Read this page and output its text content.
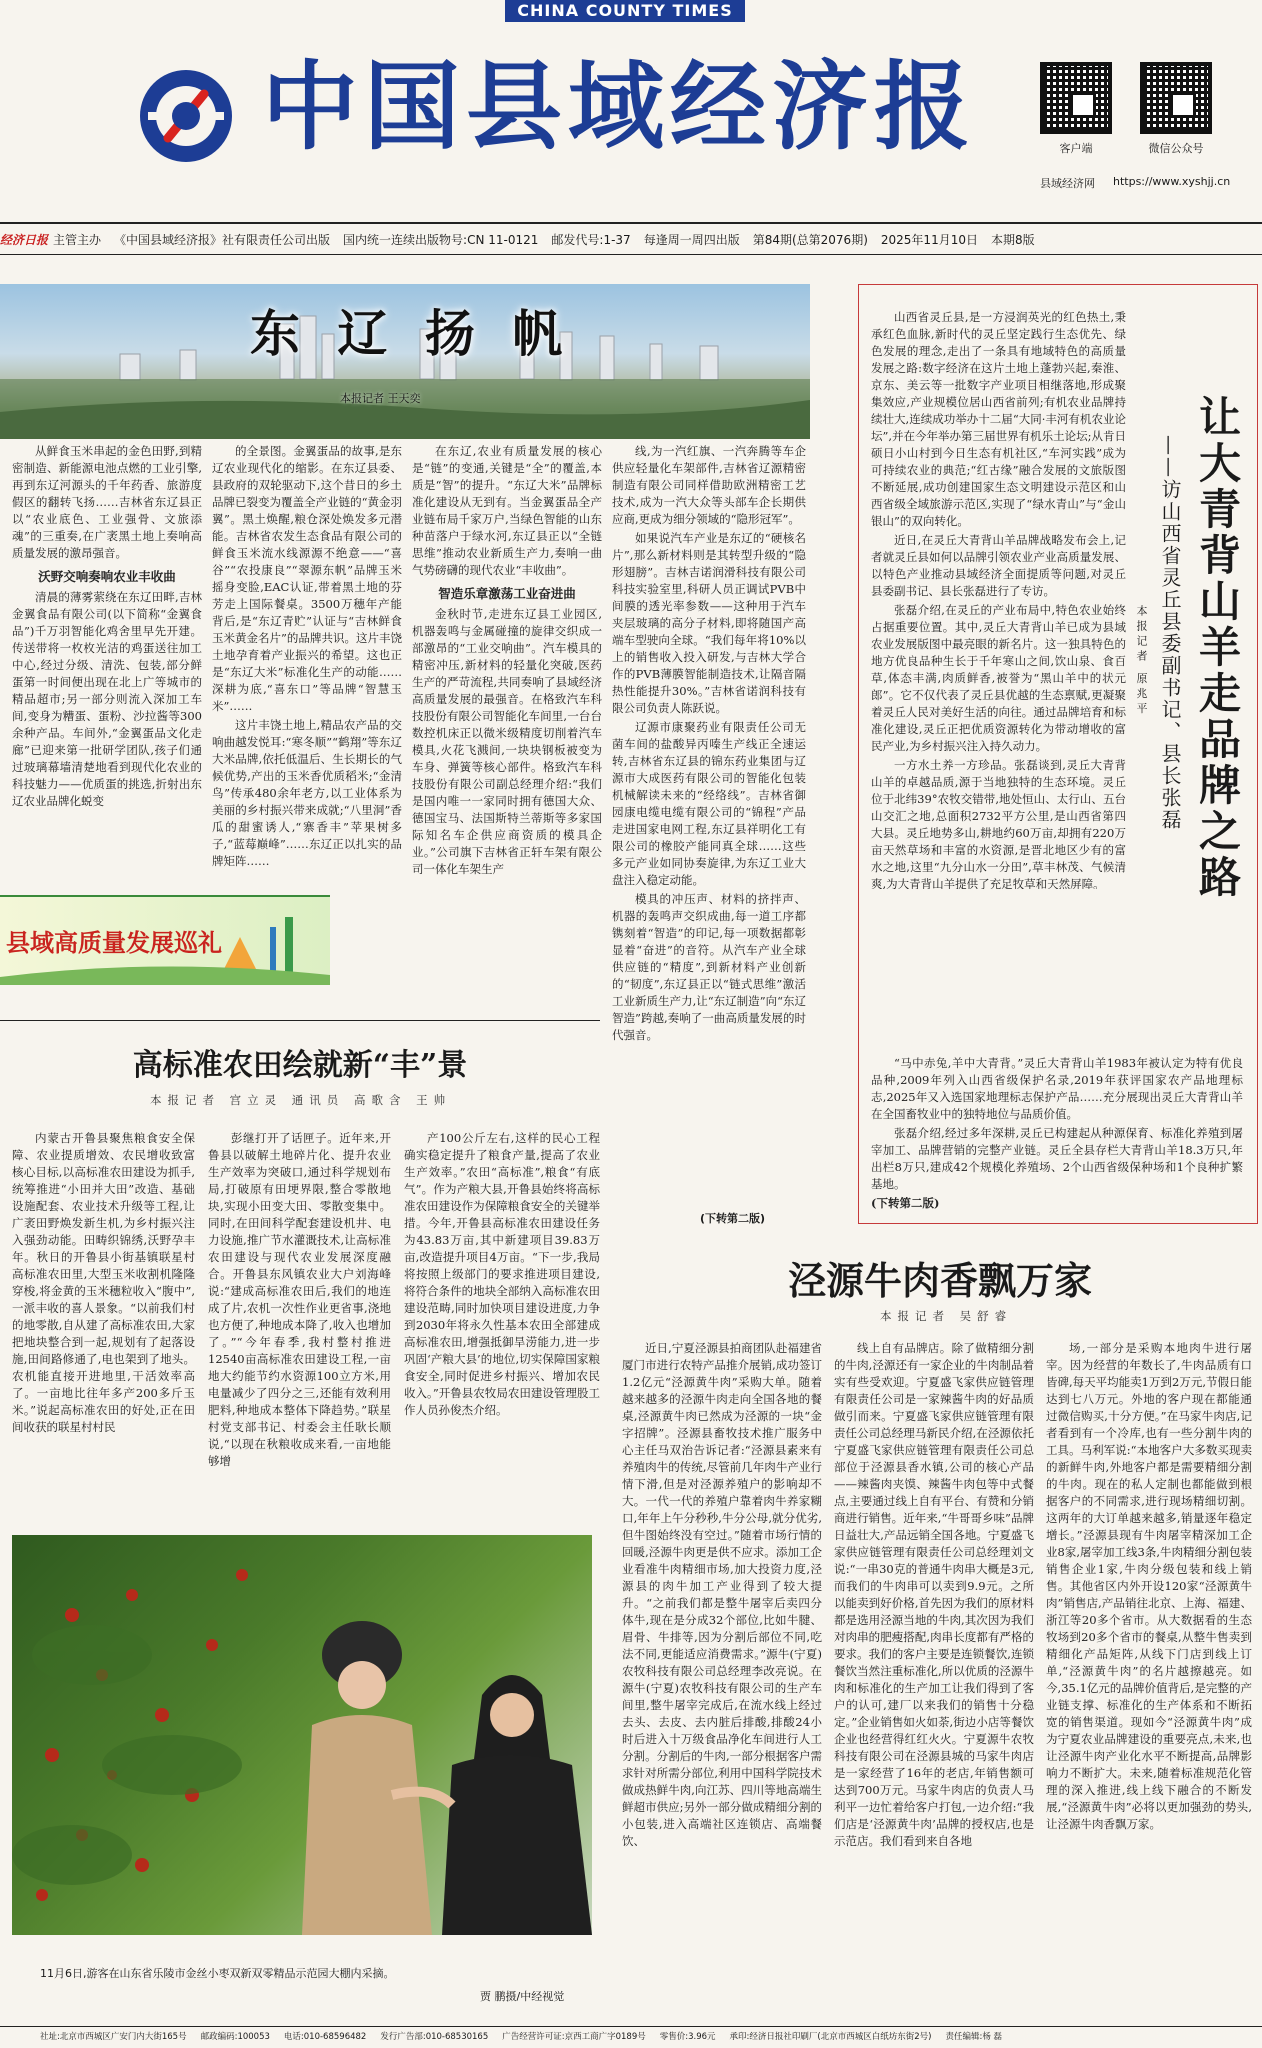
CHINA COUNTY TIMES
中国县域经济报	客户端	微信公众号
县域经济网 https://www.xyshjj.cn
经济日报 主管主办 《中国县域经济报》社有限责任公司出版 国内统一连续出版物号:CN 11-0121 邮发代号:1-37 每逢周一周四出版 第84期(总第2076期) 2025年11月10日 本期8版
东 辽 扬 帆
本报记者 王天奕

从鲜食玉米串起的金色田野,到精密制造、新能源电池点燃的工业引擎,再到东辽河源头的千年药香、旅游度假区的翻转飞扬……吉林省东辽县正以“农业底色、工业强骨、文旅添魂”的三重奏,在广袤黑土地上奏响高质量发展的激昂强音。

沃野交响奏响农业丰收曲

清晨的薄雾萦绕在东辽田畔,吉林金翼食品有限公司(以下简称“金翼食品”)千万羽智能化鸡舍里早先开建。传送带将一枚枚光洁的鸡蛋送往加工中心,经过分级、清洗、包装,部分鲜蛋第一时间便出现在北上广等城市的精品超市;另一部分则流入深加工车间,变身为糟蛋、蛋粉、沙拉酱等300余种产品。车间外,“金翼蛋品文化走廊”已迎来第一批研学团队,孩子们通过玻璃幕墙清楚地看到现代化农业的科技魅力——优质蛋的挑选,折射出东辽农业品牌化蜕变

县域高质量发展巡礼

的全景图。金翼蛋品的故事,是东辽农业现代化的缩影。在东辽县委、县政府的双轮驱动下,这个昔日的乡土品牌已裂变为覆盖全产业链的“黄金羽翼”。黑土焕醒,粮仓深处焕发多元潜能。吉林省农发生态食品有限公司的鲜食玉米流水线源源不绝意——“喜谷”“农投康良”“翠源东帆”品牌玉米摇身变脸,EAC认证,带着黑土地的芬芳走上国际餐桌。3500万穗年产能背后,是“东辽青贮”认证与“吉林鲜食玉米黄金名片”的品牌共识。这片丰饶土地孕育着产业振兴的希望。这也正是“东辽大米”标准化生产的动能……深耕为底,“喜东口”等品牌“智慧玉米”……

这片丰饶土地上,精品农产品的交响曲越发悦耳:“寒冬顺”“鹤翔”等东辽大米品牌,依托低温后、生长期长的气候优势,产出的玉米香优质稻米;“金清鸟”传承480余年老方,以工业体系为美丽的乡村振兴带来成就;“八里洞”香瓜的甜蜜诱人,“寨香丰”苹果树多子,“蓝莓巅峰”……东辽正以扎实的品牌矩阵……

在东辽,农业有质量发展的核心是“链”的变通,关键是“全”的覆盖,本质是“智”的提升。“东辽大米”品牌标准化建设从无到有。当金翼蛋品全产业链布局千家万户,当绿色智能的山东种苗落户于绿水河,东辽县正以“全链思维”推动农业新质生产力,奏响一曲气势磅礴的现代农业“丰收曲”。

智造乐章激荡工业奋进曲

金秋时节,走进东辽县工业园区,机器轰鸣与金属碰撞的旋律交织成一部激昂的“工业交响曲”。汽车模具的精密冲压,新材料的轻量化突破,医药生产的严苛流程,共同奏响了县域经济高质量发展的最强音。在格致汽车科技股份有限公司智能化车间里,一台台数控机床正以微米级精度切削着汽车模具,火花飞溅间,一块块钢板被变为车身、弹簧等核心部件。格致汽车科技股份有限公司副总经理介绍:“我们是国内唯一一家同时拥有德国大众、德国宝马、法国斯特兰蒂斯等多家国际知名车企供应商资质的模具企业。”公司旗下吉林省正轩车架有限公司一体化车架生产

线,为一汽红旗、一汽奔腾等车企供应轻量化车架部件,吉林省辽源精密制造有限公司同样借助欧洲精密工艺技术,成为一汽大众等头部车企长期供应商,更成为细分领域的“隐形冠军”。

如果说汽车产业是东辽的“硬核名片”,那么新材料则是其转型升级的“隐形翅膀”。吉林吉诺润滑科技有限公司科技实验室里,科研人员正调试PVB中间膜的透光率参数——这种用于汽车夹层玻璃的高分子材料,即将随国产高端车型驶向全球。“我们每年将10%以上的销售收入投入研发,与吉林大学合作的PVB薄膜智能制造技术,让隔音隔热性能提升30%。”吉林省诺润科技有限公司负责人陈跃说。

辽源市康聚药业有限责任公司无菌车间的盐酸异丙嗪生产线正全速运转,吉林省东辽县的锦东药业集团与辽源市大成医药有限公司的智能化包装机械解读未来的“经络线”。吉林省御园康电缆电缆有限公司的“锦程”产品走进国家电网工程,东辽县祥明化工有限公司的橡胶产能同真全球……这些多元产业如同协奏旋律,为东辽工业大盘注入稳定动能。

模具的冲压声、材料的挤拌声、机器的轰鸣声交织成曲,每一道工序都镌刻着“智造”的印记,每一项数据都彰显着“奋进”的音符。从汽车产业全球供应链的“精度”,到新材料产业创新的“韧度”,东辽县正以“链式思维”激活工业新质生产力,让“东辽制造”向“东辽智造”跨越,奏响了一曲高质量发展的时代强音。

(下转第二版)

山西省灵丘县,是一方浸润英光的红色热土,秉承红色血脉,新时代的灵丘坚定践行生态优先、绿色发展的理念,走出了一条具有地域特色的高质量发展之路:数字经济在这片土地上蓬勃兴起,秦淮、京东、美云等一批数字产业项目相继落地,形成聚集效应,产业规模位居山西省前列;有机农业品牌持续壮大,连续成功举办十二届“大同·丰河有机农业论坛”,并在今年举办第三届世界有机乐土论坛;从肯日硕日小山村到今日生态有机社区,“车河实践”成为可持续农业的典范;“红古缘”融合发展的文旅版图不断延展,成功创建国家生态文明建设示范区和山西省级全域旅游示范区,实现了“绿水青山”与“金山银山”的双向转化。

近日,在灵丘大青背山羊品牌战略发布会上,记者就灵丘县如何以品牌引领农业产业高质量发展、以特色产业推动县域经济全面提质等问题,对灵丘县委副书记、县长张磊进行了专访。

张磊介绍,在灵丘的产业布局中,特色农业始终占据重要位置。其中,灵丘大青背山羊已成为县域农业发展版图中最亮眼的新名片。这一独具特色的地方优良品种生长于千年寒山之间,饮山泉、食百草,体态丰满,肉质鲜香,被誉为“黑山羊中的状元郎”。它不仅代表了灵丘县优越的生态禀赋,更凝聚着灵丘人民对美好生活的向往。通过品牌培育和标准化建设,灵丘正把优质资源转化为带动增收的富民产业,为乡村振兴注入持久动力。

一方水土养一方珍品。张磊谈到,灵丘大青背山羊的卓越品质,源于当地独特的生态环境。灵丘位于北纬39°农牧交错带,地处恒山、太行山、五台山交汇之地,总面积2732平方公里,是山西省第四大县。灵丘地势多山,耕地约60万亩,却拥有220万亩天然草场和丰富的水资源,是晋北地区少有的富水之地,这里“九分山水一分田”,草丰林茂、气候清爽,为大青背山羊提供了充足牧草和天然屏障。	让大青背山羊走品牌之路
——访山西省灵丘县委副书记、县长张磊
本报记者 原兆平

“马中赤兔,羊中大青背。”灵丘大青背山羊1983年被认定为特有优良品种,2009年列入山西省级保护名录,2019年获评国家农产品地理标志,2025年又入选国家地理标志保护产品……充分展现出灵丘大青背山羊在全国畜牧业中的独特地位与品质价值。

张磊介绍,经过多年深耕,灵丘已构建起从种源保育、标准化养殖到屠宰加工、品牌营销的完整产业链。灵丘全县存栏大青背山羊18.3万只,年出栏8万只,建成42个规模化养殖场、2个山西省级保种场和1个良种扩繁基地。

(下转第二版)
高标准农田绘就新“丰”景
本报记者 宫立灵 通讯员 高歌含 王帅

内蒙古开鲁县聚焦粮食安全保障、农业提质增效、农民增收致富核心目标,以高标准农田建设为抓手,统筹推进“小田并大田”改造、基础设施配套、农业技术升级等工程,让广袤田野焕发新生机,为乡村振兴注入强劲动能。田畴织锦绣,沃野孕丰年。秋日的开鲁县小街基镇联星村高标准农田里,大型玉米收割机隆隆穿梭,将金黄的玉米穗粒收入“腹中”,一派丰收的喜人景象。“以前我们村的地零散,自从建了高标准农田,大家把地块整合到一起,规划有了起落设施,田间路修通了,电也架到了地头。农机能直接开进地里,干活效率高了。一亩地比往年多产200多斤玉米。”说起高标准农田的好处,正在田间收获的联星村村民

彭继打开了话匣子。近年来,开鲁县以破解土地碎片化、提升农业生产效率为突破口,通过科学规划布局,打破原有田埂界限,整合零散地块,实现小田变大田、零散变集中。同时,在田间科学配套建设机井、电力设施,推广节水灌溉技术,让高标准农田建设与现代农业发展深度融合。开鲁县东风镇农业大户刘海峰说:“建成高标准农田后,我们的地连成了片,农机一次性作业更省事,浇地也方便了,种地成本降了,收入也增加了。”“今年春季,我村整村推进12540亩高标准农田建设工程,一亩地大约能节约水资源100立方米,用电量减少了四分之三,还能有效利用肥料,种地成本整体下降趋势。”联星村党支部书记、村委会主任耿长顺说,“以现在秋粮收成来看,一亩地能够增

产100公斤左右,这样的民心工程确实稳定提升了粮食产量,提高了农业生产效率。”农田“高标准”,粮食“有底气”。作为产粮大县,开鲁县始终将高标准农田建设作为保障粮食安全的关键举措。今年,开鲁县高标准农田建设任务为43.83万亩,其中新建项目39.83万亩,改造提升项目4万亩。“下一步,我局将按照上级部门的要求推进项目建设,将符合条件的地块全部纳入高标准农田建设范畴,同时加快项目建设进度,力争到2030年将永久性基本农田全部建成高标准农田,增强抵御旱涝能力,进一步巩固‘产粮大县’的地位,切实保障国家粮食安全,同时促进乡村振兴、增加农民收入。”开鲁县农牧局农田建设管理股工作人员孙俊杰介绍。

11月6日,游客在山东省乐陵市金丝小枣双新双零精品示范园大棚内采摘。
贾 鹏摄/中经视觉
泾源牛肉香飘万家
本报记者 吴舒睿

近日,宁夏泾源县拍商团队赴福建省厦门市进行农特产品推介展销,成功签订1.2亿元“泾源黄牛肉”采购大单。随着越来越多的泾源牛肉走向全国各地的餐桌,泾源黄牛肉已然成为泾源的一块“金字招牌”。泾源县畜牧技术推广服务中心主任马双治告诉记者:“泾源县素来有养殖肉牛的传统,尽管前几年肉牛产业行情下滑,但是对泾源养殖户的影响却不大。一代一代的养殖户靠着肉牛养家糊口,年年上午分秒秒,牛分公母,就分优劣,但牛图始终没有空过。”随着市场行情的回暖,泾源牛肉更是供不应求。添加工企业看准牛肉精细市场,加大投资力度,泾源县的肉牛加工产业得到了较大提升。“之前我们都是整牛屠宰后卖四分体牛,现在是分成32个部位,比如牛腱、眉骨、牛排等,因为分割后部位不同,吃法不同,更能适应消费需求。”源牛(宁夏)农牧科技有限公司总经理李改亮说。在源牛(宁夏)农牧科技有限公司的生产车间里,整牛屠宰完成后,在流水线上经过去头、去皮、去内脏后排酸,排酸24小时后进入十万级食品净化车间进行人工分割。分割后的牛肉,一部分根据客户需求针对所需分部位,利用中国科学院技术做成热鲜牛肉,向江苏、四川等地高端生鲜超市供应;另外一部分做成精细分割的小包装,进入高端社区连锁店、高端餐饮、

线上自有品牌店。除了做精细分割的牛肉,泾源还有一家企业的牛肉制品着实有些受欢迎。宁夏盛飞家供应链管理有限责任公司是一家辣酱牛肉的好品质做引而来。宁夏盛飞家供应链管理有限责任公司总经理马新民介绍,在泾源依托宁夏盛飞家供应链管理有限责任公司总部位于泾源县香水镇,公司的核心产品——辣酱肉夹馍、辣酱牛肉包等中式餐点,主要通过线上自有平台、有赞和分销商进行销售。近年来,“牛哥哥乡味”品牌日益壮大,产品远销全国各地。宁夏盛飞家供应链管理有限责任公司总经理刘文说:“一串30克的普通牛肉串大概是3元,而我们的牛肉串可以卖到9.9元。之所以能卖到好价格,首先因为我们的原材料都是选用泾源当地的牛肉,其次因为我们对肉串的肥瘦搭配,肉串长度都有严格的要求。我们的客户主要是连锁餐饮,连锁餐饮当然注重标准化,所以优质的泾源牛肉和标准化的生产加工让我们得到了客户的认可,建厂以来我们的销售十分稳定。”企业销售如火如荼,街边小店等餐饮企业也经营得红红火火。宁夏源牛农牧科技有限公司在泾源县城的马家牛肉店是一家经营了16年的老店,年销售额可达到700万元。马家牛肉店的负责人马利平一边忙着给客户打包,一边介绍:“我们店是‘泾源黄牛肉’品牌的授权店,也是示范店。我们看到来自各地

场,一部分是采购本地肉牛进行屠宰。因为经营的年数长了,牛肉品质有口皆碑,每天平均能卖1万到2万元,节假日能达到七八万元。外地的客户现在都能通过微信购买,十分方便。”在马家牛肉店,记者看到有一个冷库,也有一些分割牛肉的工具。马利军说:“本地客户大多数买现卖的新鲜牛肉,外地客户都是需要精细分割的牛肉。现在的私人定制也都能做到根据客户的不同需求,进行现场精细切割。这两年的大订单越来越多,销量逐年稳定增长。”泾源县现有牛肉屠宰精深加工企业8家,屠宰加工线3条,牛肉精细分割包装销售企业1家,牛肉分级包装和线上销售。其他省区内外开设120家“泾源黄牛肉”销售店,产品销往北京、上海、福建、浙江等20多个省市。从大数据看的生态牧场到20多个省市的餐桌,从整牛售卖到精细化产品矩阵,从线下门店到线上订单,“泾源黄牛肉”的名片越擦越亮。如今,35.1亿元的品牌价值背后,是完整的产业链支撑、标准化的生产体系和不断拓宽的销售渠道。现如今“泾源黄牛肉”成为宁夏农业品牌建设的重要亮点,未来,也让泾源牛肉产业化水平不断提高,品牌影响力不断扩大。未来,随着标准规范化管理的深入推进,线上线下融合的不断发展,“泾源黄牛肉”必将以更加强劲的势头,让泾源牛肉香飘万家。

社址:北京市西城区广安门内大街165号 邮政编码:100053 电话:010-68596482 发行广告部:010-68530165 广告经营许可证:京西工商广字0189号 零售价:3.96元 承印:经济日报社印刷厂(北京市西城区白纸坊东街2号) 责任编辑:杨 磊
